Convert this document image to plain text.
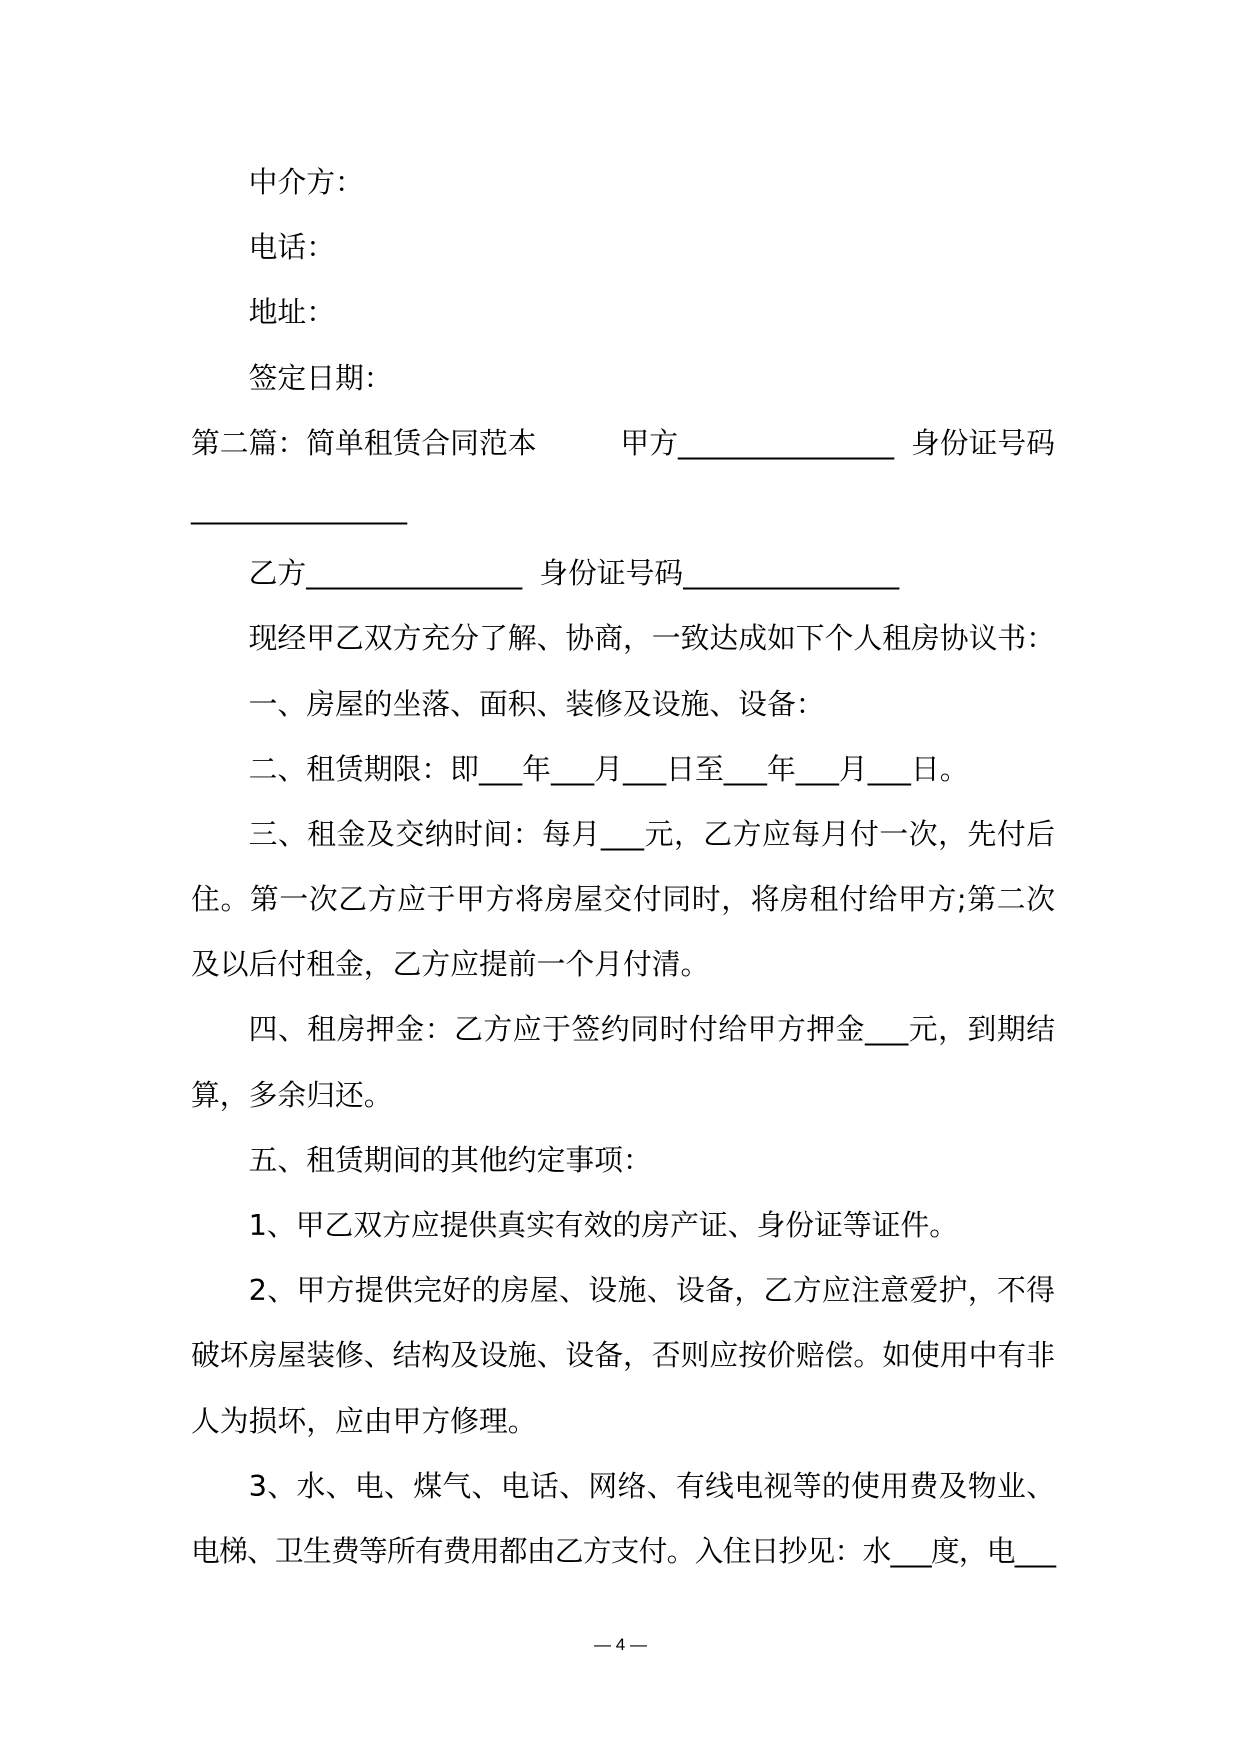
中介方：
电话：
地址：
签定日期：
第二篇：简单租赁合同范本	甲方_______________ 身份证号码
_______________
乙方_______________ 身份证号码_______________
现经甲乙双方充分了解、协商，一致达成如下个人租房协议书：
一、房屋的坐落、面积、装修及设施、设备：
二、租赁期限：即___年___月___日至___年___月___日。
三、租金及交纳时间：每月___元，乙方应每月付一次，先付后
住。第一次乙方应于甲方将房屋交付同时，将房租付给甲方;第二次
及以后付租金，乙方应提前一个月付清。
四、租房押金：乙方应于签约同时付给甲方押金___元，到期结
算，多余归还。
五、租赁期间的其他约定事项：
1、甲乙双方应提供真实有效的房产证、身份证等证件。
2、甲方提供完好的房屋、设施、设备，乙方应注意爱护，不得
破坏房屋装修、结构及设施、设备，否则应按价赔偿。如使用中有非
人为损坏，应由甲方修理。
3、水、电、煤气、电话、网络、有线电视等的使用费及物业、
电梯、卫生费等所有费用都由乙方支付。入住日抄见：水___度，电___
— 4 —
